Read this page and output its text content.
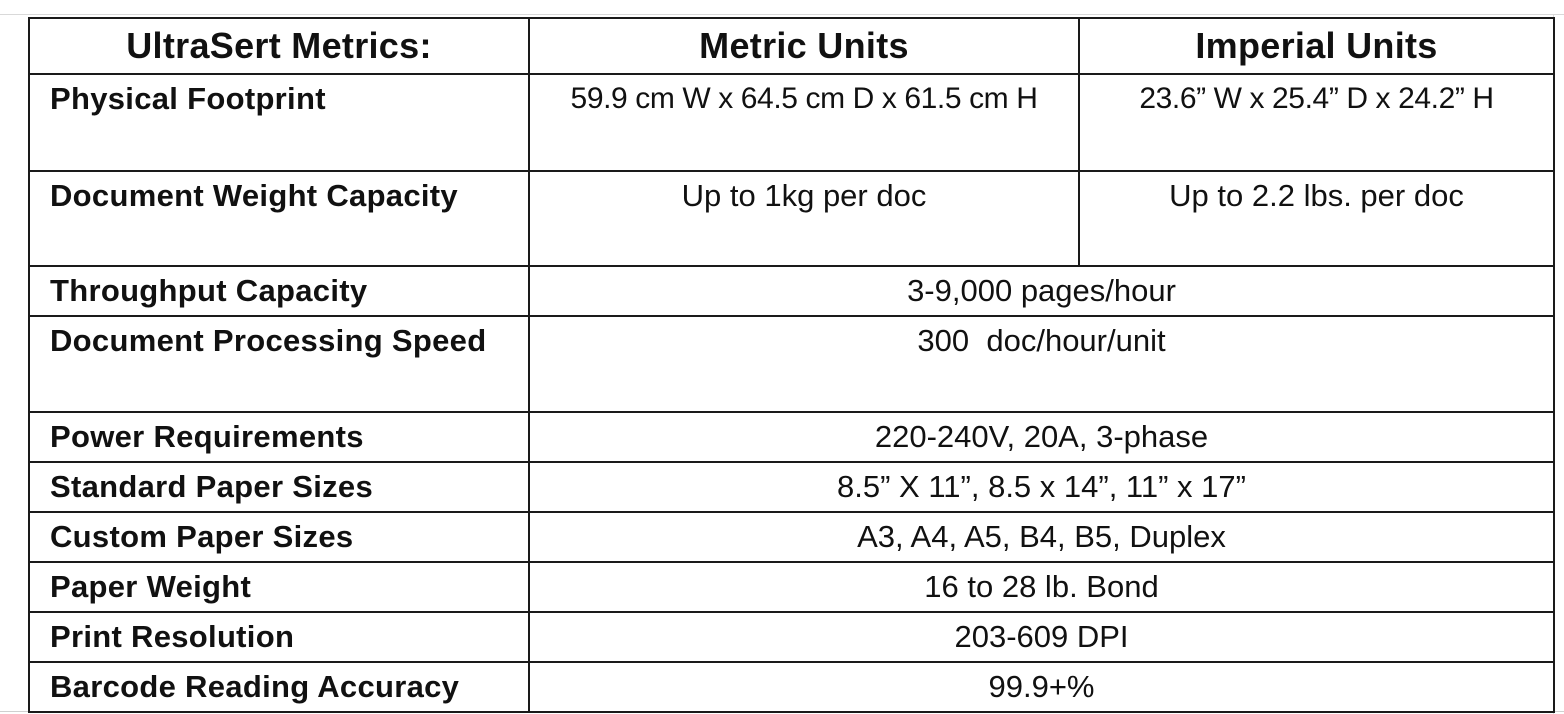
UltraSert Metrics:	Metric Units	Imperial Units
Physical Footprint	59.9 cm W x 64.5 cm D x 61.5 cm H	23.6” W x 25.4” D x 24.2” H
Document Weight Capacity	Up to 1kg per doc	Up to 2.2 lbs. per doc
Throughput Capacity	3-9,000 pages/hour	
Document Processing Speed	300  doc/hour/unit	
Power Requirements	220-240V, 20A, 3-phase	
Standard Paper Sizes	8.5” X 11”, 8.5 x 14”, 11” x 17”	
Custom Paper Sizes	A3, A4, A5, B4, B5, Duplex	
Paper Weight	16 to 28 lb. Bond	
Print Resolution	203-609 DPI	
Barcode Reading Accuracy	99.9+%	
